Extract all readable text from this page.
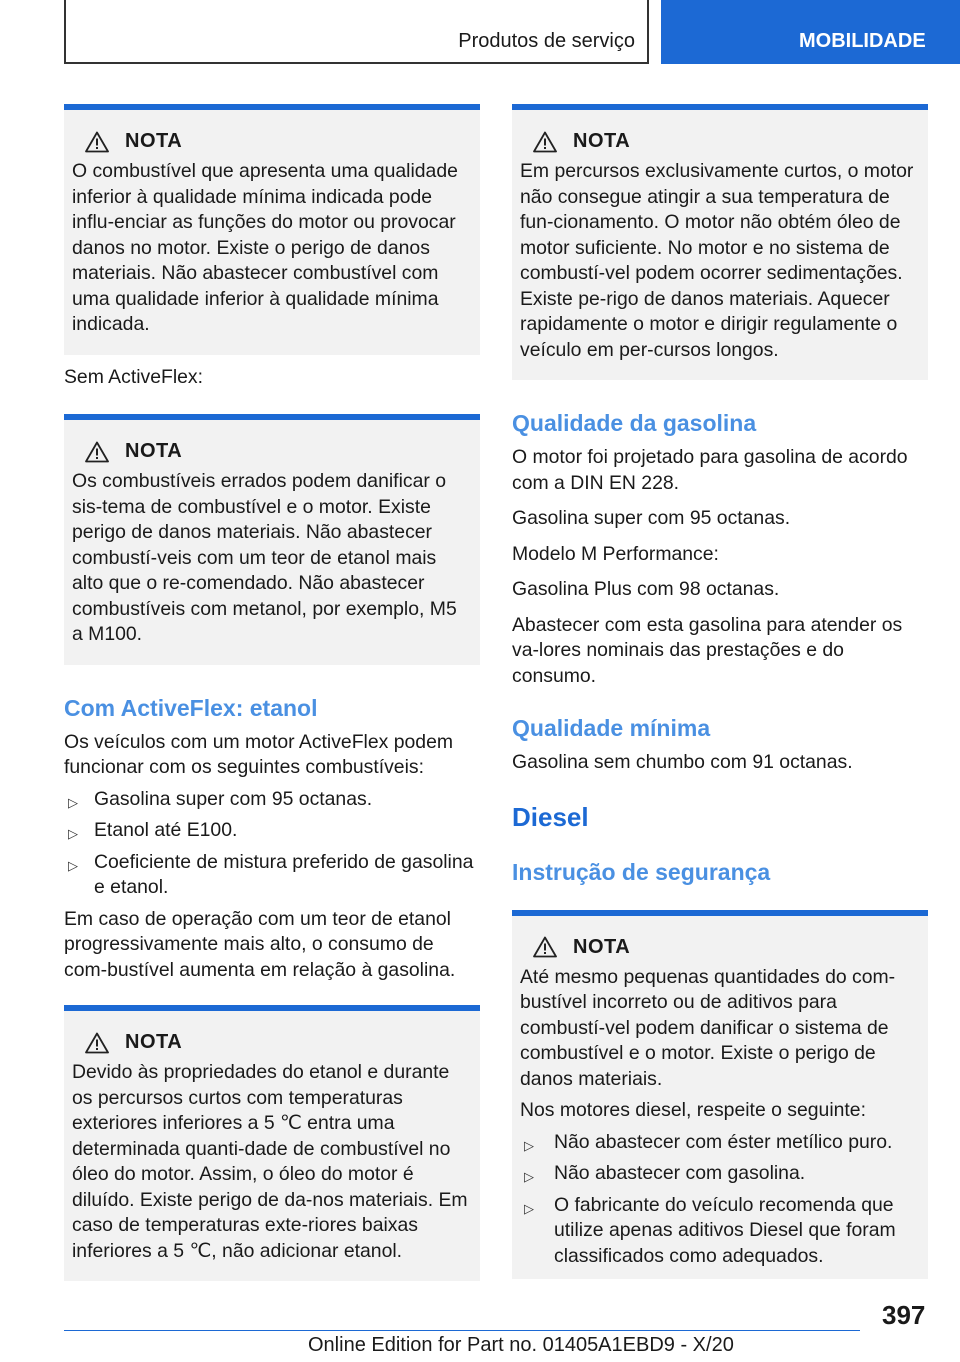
Produtos de serviço	MOBILIDADE
NOTA

O combustível que apresenta uma qualidade inferior à qualidade mínima indicada pode influ-enciar as funções do motor ou provocar danos no motor. Existe o perigo de danos materiais. Não abastecer combustível com uma qualidade inferior à qualidade mínima indicada.

Sem ActiveFlex:

NOTA

Os combustíveis errados podem danificar o sis-tema de combustível e o motor. Existe perigo de danos materiais. Não abastecer combustí-veis com um teor de etanol mais alto que o re-comendado. Não abastecer combustíveis com metanol, por exemplo, M5 a M100.

Com ActiveFlex: etanol

Os veículos com um motor ActiveFlex podem funcionar com os seguintes combustíveis:

▷ Gasolina super com 95 octanas.
▷ Etanol até E100.
▷ Coeficiente de mistura preferido de gasolina e etanol.

Em caso de operação com um teor de etanol progressivamente mais alto, o consumo de com-bustível aumenta em relação à gasolina.

NOTA

Devido às propriedades do etanol e durante os percursos curtos com temperaturas exteriores inferiores a 5 ℃ entra uma determinada quanti-dade de combustível no óleo do motor. Assim, o óleo do motor é diluído. Existe perigo de da-nos materiais. Em caso de temperaturas exte-riores baixas inferiores a 5 ℃, não adicionar etanol.

NOTA

Em percursos exclusivamente curtos, o motor não consegue atingir a sua temperatura de fun-cionamento. O motor não obtém óleo de motor suficiente. No motor e no sistema de combustí-vel podem ocorrer sedimentações. Existe pe-rigo de danos materiais. Aquecer rapidamente o motor e dirigir regulamente o veículo em per-cursos longos.

Qualidade da gasolina

O motor foi projetado para gasolina de acordo com a DIN EN 228.

Gasolina super com 95 octanas.

Modelo M Performance:

Gasolina Plus com 98 octanas.

Abastecer com esta gasolina para atender os va-lores nominais das prestações e do consumo.

Qualidade mínima

Gasolina sem chumbo com 91 octanas.

Diesel
Instrução de segurança
NOTA

Até mesmo pequenas quantidades do com-bustível incorreto ou de aditivos para combustí-vel podem danificar o sistema de combustível e o motor. Existe o perigo de danos materiais.

Nos motores diesel, respeite o seguinte:

▷ Não abastecer com éster metílico puro.
▷ Não abastecer com gasolina.
▷ O fabricante do veículo recomenda que utilize apenas aditivos Diesel que foram classificados como adequados.
397
Online Edition for Part no. 01405A1EBD9 - X/20
